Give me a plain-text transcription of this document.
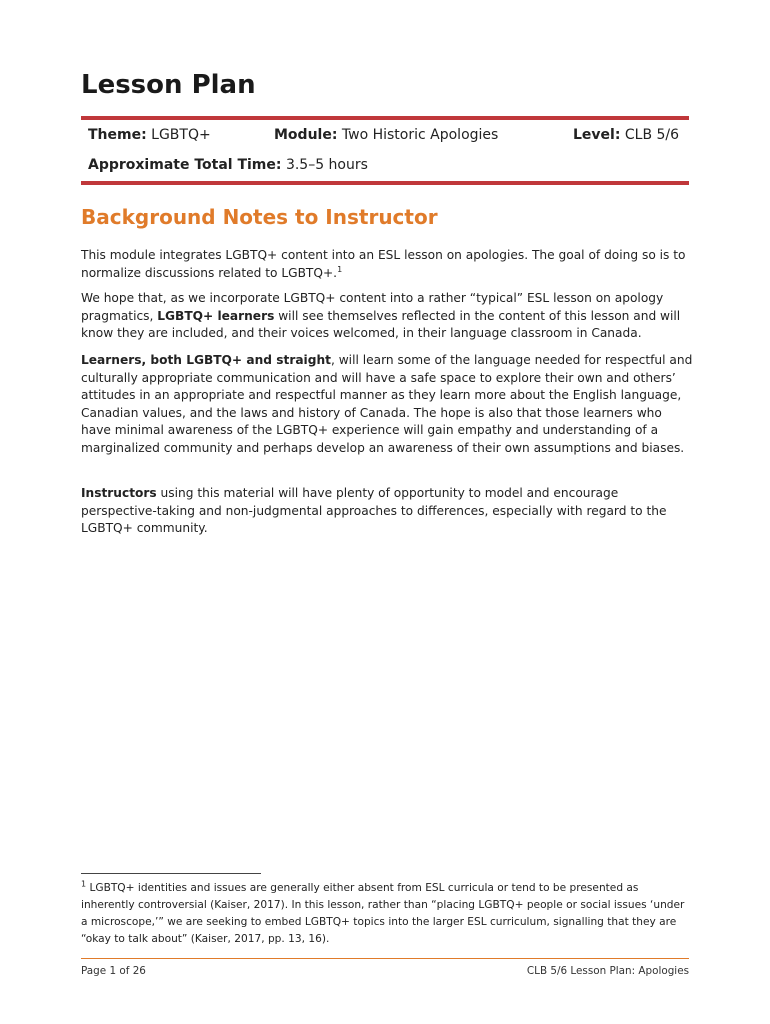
Lesson Plan
Theme: LGBTQ+	Module: Two Historic Apologies	Level: CLB 5/6
Approximate Total Time: 3.5–5 hours
Background Notes to Instructor
This module integrates LGBTQ+ content into an ESL lesson on apologies. The goal of doing so is to normalize discussions related to LGBTQ+.$^1$
We hope that, as we incorporate LGBTQ+ content into a rather “typical” ESL lesson on apology pragmatics, LGBTQ+ learners will see themselves reflected in the content of this lesson and will know they are included, and their voices welcomed, in their language classroom in Canada.
Learners, both LGBTQ+ and straight, will learn some of the language needed for respectful and culturally appropriate communication and will have a safe space to explore their own and others’ attitudes in an appropriate and respectful manner as they learn more about the English language, Canadian values, and the laws and history of Canada. The hope is also that those learners who have minimal awareness of the LGBTQ+ experience will gain empathy and understanding of a marginalized community and perhaps develop an awareness of their own assumptions and biases.
Instructors using this material will have plenty of opportunity to model and encourage perspective-taking and non-judgmental approaches to differences, especially with regard to the LGBTQ+ community.
$^1$ LGBTQ+ identities and issues are generally either absent from ESL curricula or tend to be presented as inherently controversial (Kaiser, 2017). In this lesson, rather than “placing LGBTQ+ people or social issues ‘under a microscope,’” we are seeking to embed LGBTQ+ topics into the larger ESL curriculum, signalling that they are “okay to talk about” (Kaiser, 2017, pp. 13, 16).
Page 1 of 26	CLB 5/6 Lesson Plan: Apologies
